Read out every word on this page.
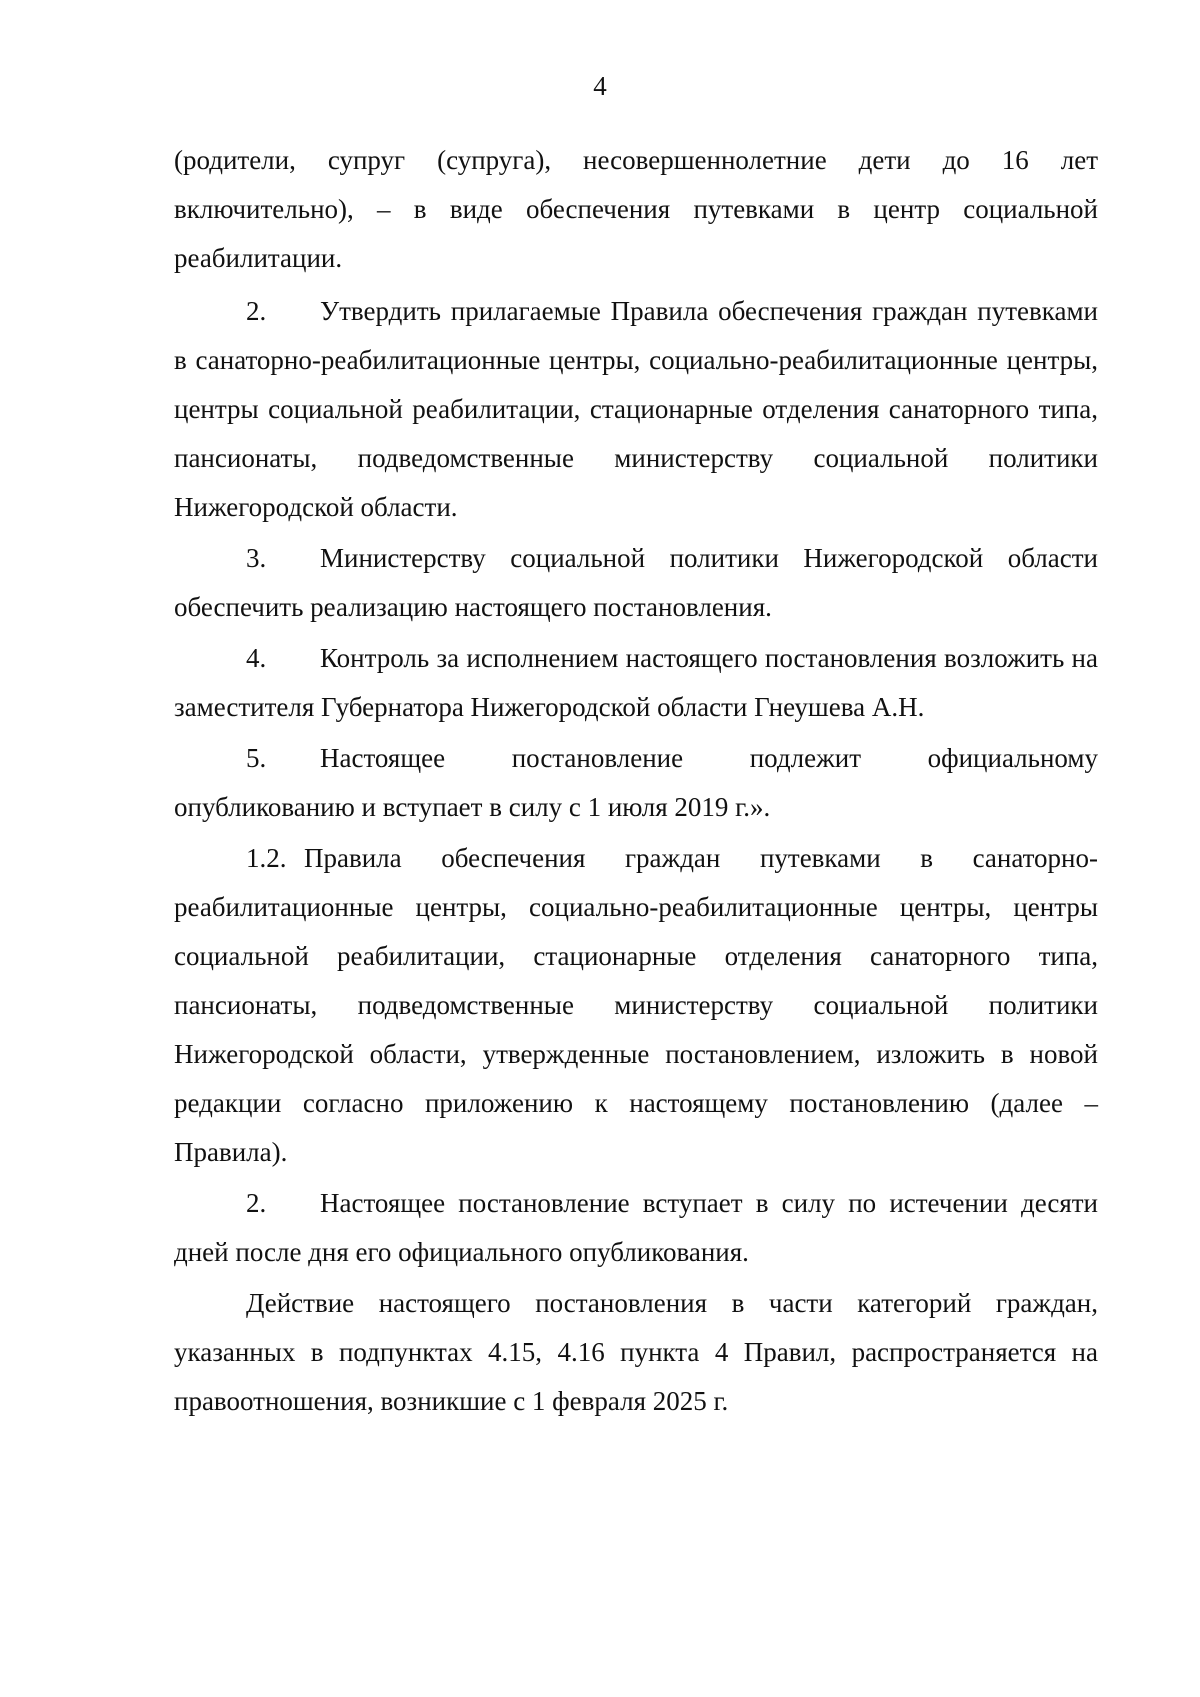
4

(родители, супруг (супруга), несовершеннолетние дети до 16 лет включительно), – в виде обеспечения путевками в центр социальной реабилитации.

2. Утвердить прилагаемые Правила обеспечения граждан путевками в санаторно-реабилитационные центры, социально-реабилитационные центры, центры социальной реабилитации, стационарные отделения санаторного типа, пансионаты, подведомственные министерству социальной политики Нижегородской области.

3. Министерству социальной политики Нижегородской области обеспечить реализацию настоящего постановления.

4. Контроль за исполнением настоящего постановления возложить на заместителя Губернатора Нижегородской области Гнеушева А.Н.

5. Настоящее постановление подлежит официальному опубликованию и вступает в силу с 1 июля 2019 г.».

1.2. Правила обеспечения граждан путевками в санаторно-реабилитационные центры, социально-реабилитационные центры, центры социальной реабилитации, стационарные отделения санаторного типа, пансионаты, подведомственные министерству социальной политики Нижегородской области, утвержденные постановлением, изложить в новой редакции согласно приложению к настоящему постановлению (далее – Правила).

2. Настоящее постановление вступает в силу по истечении десяти дней после дня его официального опубликования.

Действие настоящего постановления в части категорий граждан, указанных в подпунктах 4.15, 4.16 пункта 4 Правил, распространяется на правоотношения, возникшие с 1 февраля 2025 г.
